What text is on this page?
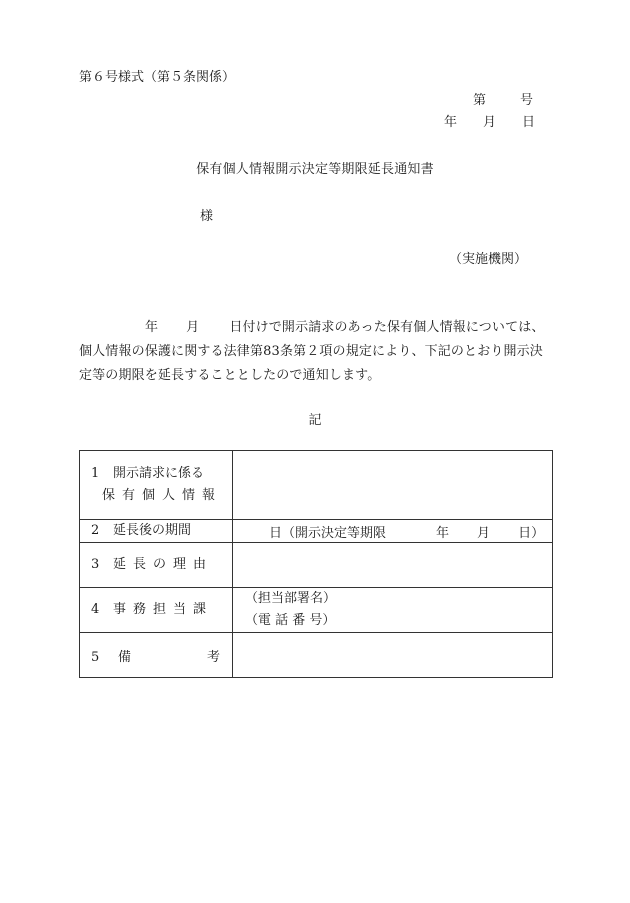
第６号様式（第５条関係）
第	号
年 月 日
保有個人情報開示決定等期限延長通知書
様
（実施機関）
年 月 日付けで開示請求のあった保有個人情報については、個人情報の保護に関する法律第83条第２項の規定により、下記のとおり開示決定等の期限を延長することとしたので通知します。
記
1 開示請求に係る
保有個人情報	

2 延長後の期間	日（開示決定等期限 年 月 日）

3 延長の理由	

4 事務担当課	（担当部署名）
（電 話 番 号）

5 備 考	
